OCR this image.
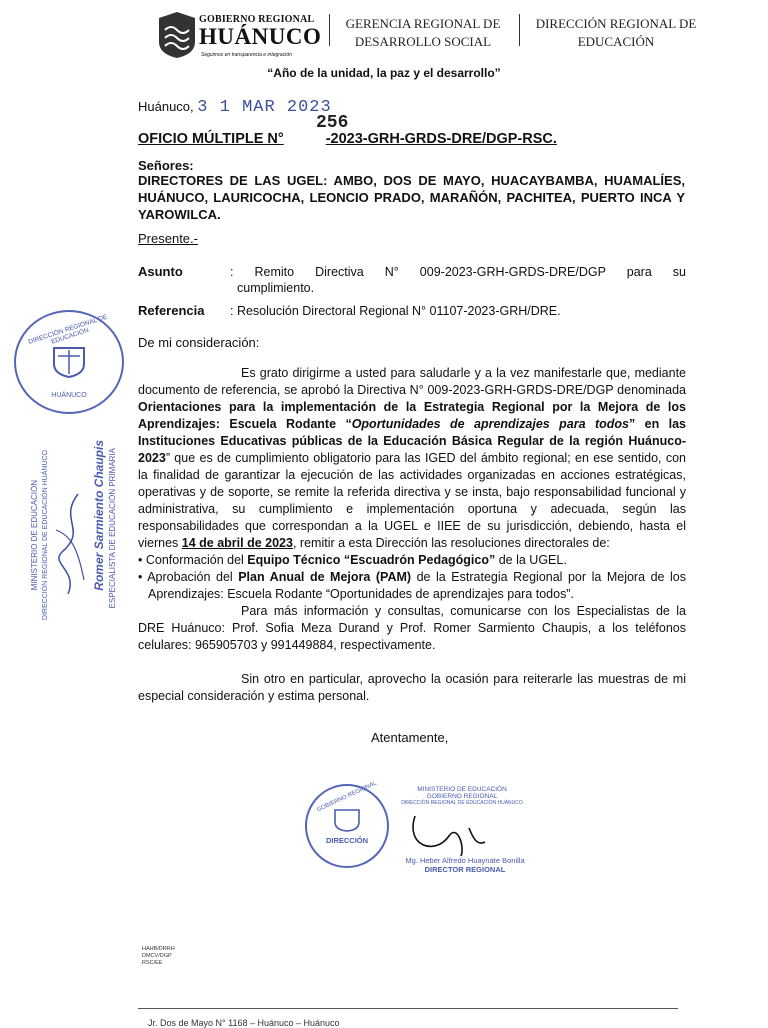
GOBIERNO REGIONAL
HUÁNUCO
Seguimos en transparencia e integración
GERENCIA REGIONAL DE
DESARROLLO SOCIAL
DIRECCIÓN REGIONAL DE
EDUCACIÓN
“Año de la unidad, la paz y el desarrollo”
Huánuco, 3 1 MAR 2023
256
OFICIO MÚLTIPLE N°	-2023-GRH-GRDS-DRE/DGP-RSC.
Señores:
DIRECTORES DE LAS UGEL: AMBO, DOS DE MAYO, HUACAYBAMBA, HUAMALÍES, HUÁNUCO, LAURICOCHA, LEONCIO PRADO, MARAÑÓN, PACHITEA, PUERTO INCA Y YAROWILCA.
Presente.-
Asunto	: Remito Directiva N° 009-2023-GRH-GRDS-DRE/DGP para su
cumplimiento.
Referencia : Resolución Directoral Regional N° 01107-2023-GRH/DRE.
De mi consideración:

Es grato dirigirme a usted para saludarle y a la vez manifestarle que, mediante documento de referencia, se aprobó la Directiva N° 009-2023-GRH-GRDS-DRE/DGP denominada Orientaciones para la implementación de la Estrategia Regional por la Mejora de los Aprendizajes: Escuela Rodante “Oportunidades de aprendizajes para todos” en las Instituciones Educativas públicas de la Educación Básica Regular de la región Huánuco-2023” que es de cumplimiento obligatorio para las IGED del ámbito regional; en ese sentido, con la finalidad de garantizar la ejecución de las actividades organizadas en acciones estratégicas, operativas y de soporte, se remite la referida directiva y se insta, bajo responsabilidad funcional y administrativa, su cumplimiento e implementación oportuna y adecuada, según las responsabilidades que correspondan a la UGEL e IIEE de su jurisdicción, debiendo, hasta el viernes 14 de abril de 2023, remitir a esta Dirección las resoluciones directorales de:

• Conformación del Equipo Técnico “Escuadrón Pedagógico” de la UGEL.
• Aprobación del Plan Anual de Mejora (PAM) de la Estrategia Regional por la Mejora de los Aprendizajes: Escuela Rodante “Oportunidades de aprendizajes para todos”.

Para más información y consultas, comunicarse con los Especialistas de la DRE Huánuco: Prof. Sofia Meza Durand y Prof. Romer Sarmiento Chaupis, a los teléfonos celulares: 965905703 y 991449884, respectivamente.

Sin otro en particular, aprovecho la ocasión para reiterarle las muestras de mi especial consideración y estima personal.

Atentamente,
DIRECCIÓN REGIONAL DE EDUCACIÓN
HUÁNUCO
MINISTERIO DE EDUCACIÓN DIRECCIÓN REGIONAL DE EDUCACIÓN HUÁNUCO	Romer Sarmiento Chaupis ESPECIALISTA DE EDUCACIÓN PRIMARIA
GOBIERNO REGIONAL
DIRECCIÓN
MINISTERIO DE EDUCACIÓN
GOBIERNO REGIONAL
DIRECCIÓN REGIONAL DE EDUCACIÓN HUÁNUCO
Mg. Heber Alfredo Huaynate Bonilla
DIRECTOR REGIONAL
HAHB/DRRH
DMCV/DGP
RSC/EE
Jr. Dos de Mayo N° 1168 – Huánuco – Huánuco
